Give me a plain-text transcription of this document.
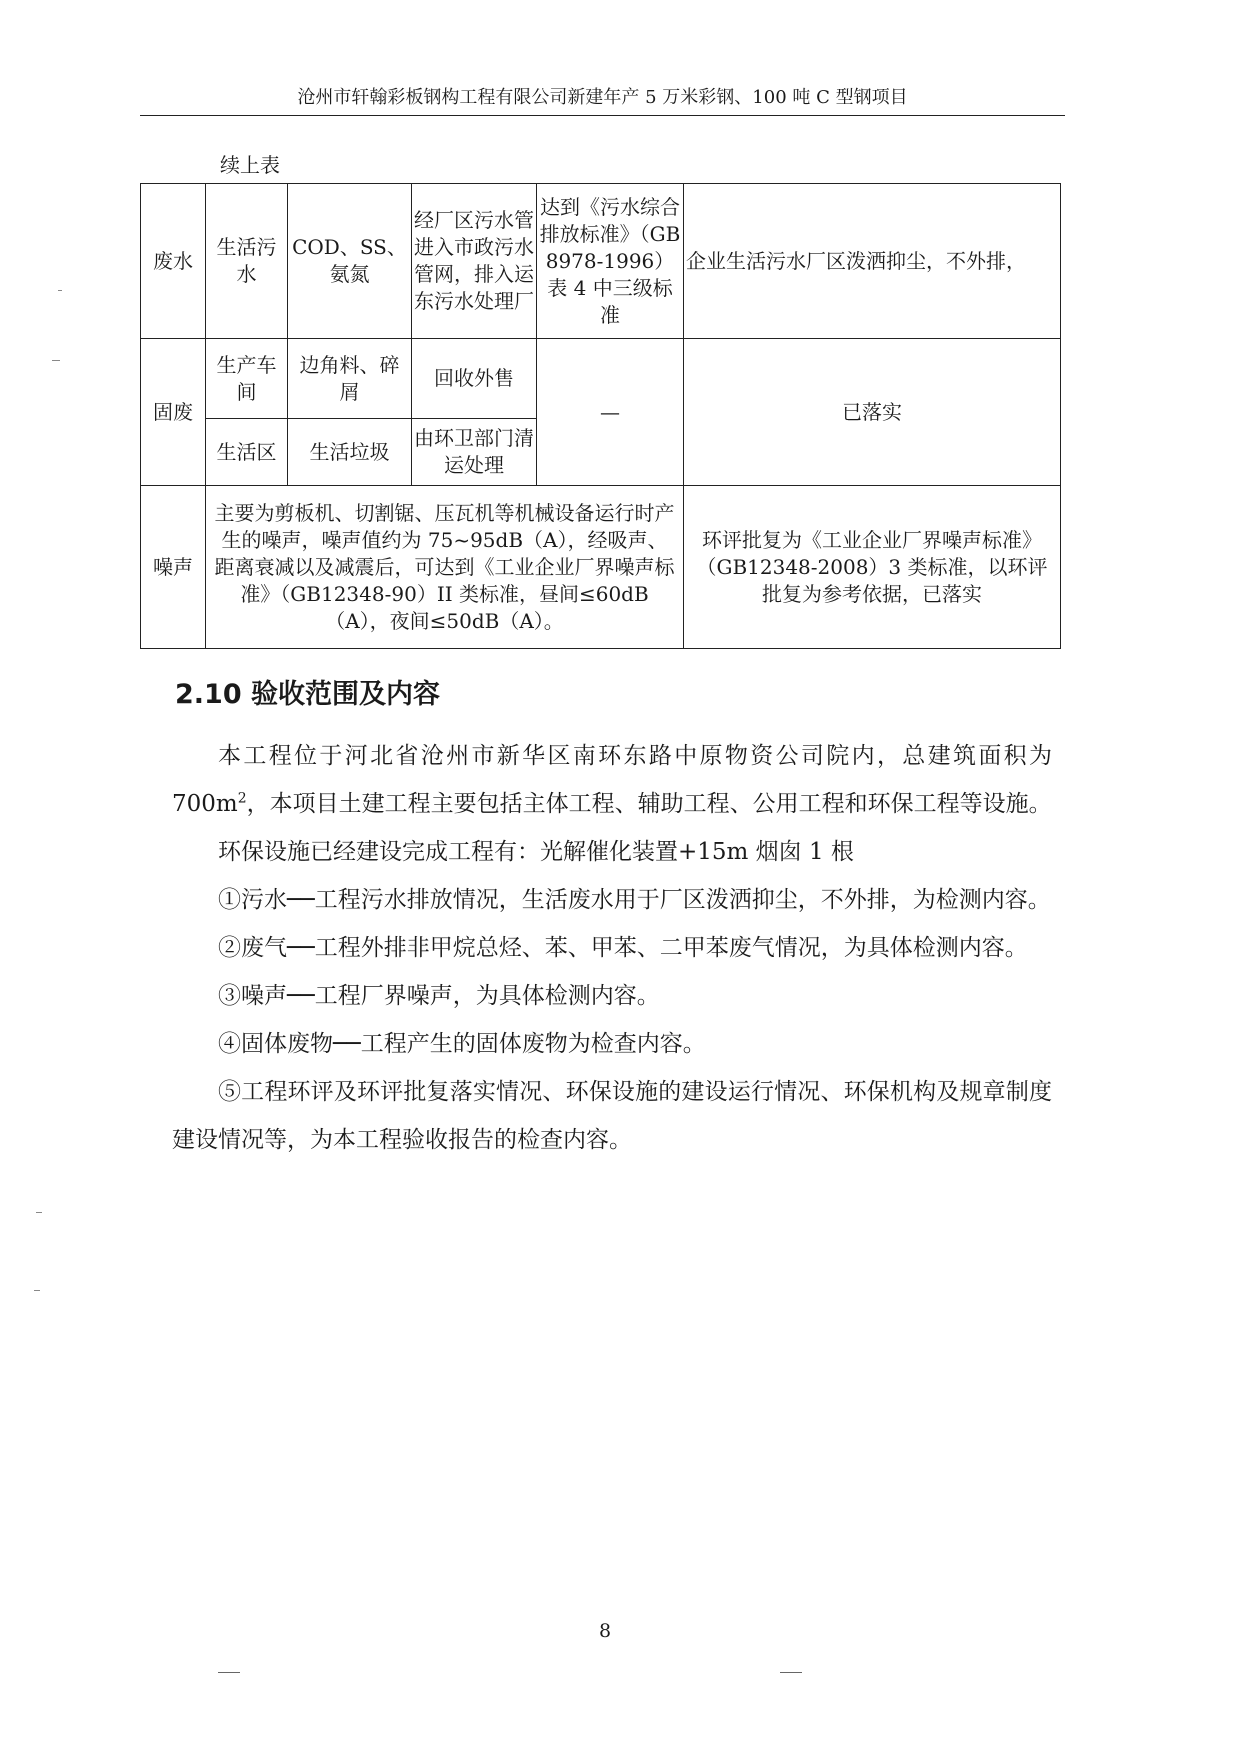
沧州市轩翰彩板钢构工程有限公司新建年产 5 万米彩钢、100 吨 C 型钢项目
续上表
废水	生活污水	COD、SS、氨氮	经厂区污水管进入市政污水管网，排入运东污水处理厂	达到《污水综合排放标准》（GB8978-1996）表 4 中三级标准	企业生活污水厂区泼洒抑尘，不外排，
固废	生产车间	边角料、碎屑	回收外售	—	已落实
	生活区	生活垃圾	由环卫部门清运处理		
噪声	主要为剪板机、切割锯、压瓦机等机械设备运行时产生的噪声，噪声值约为 75~95dB（A），经吸声、距离衰减以及减震后，可达到《工业企业厂界噪声标准》（GB12348-90）II 类标准，昼间≤60dB（A），夜间≤50dB（A）。				环评批复为《工业企业厂界噪声标准》（GB12348-2008）3 类标准，以环评批复为参考依据，已落实
2.10 验收范围及内容

本工程位于河北省沧州市新华区南环东路中原物资公司院内，总建筑面积为 $700m^2$，本项目土建工程主要包括主体工程、辅助工程、公用工程和环保工程等设施。

环保设施已经建设完成工程有：光解催化装置+15m 烟囱 1 根

①污水──工程污水排放情况，生活废水用于厂区泼洒抑尘，不外排，为检测内容。

②废气──工程外排非甲烷总烃、苯、甲苯、二甲苯废气情况，为具体检测内容。

③噪声──工程厂界噪声，为具体检测内容。

④固体废物──工程产生的固体废物为检查内容。

⑤工程环评及环评批复落实情况、环保设施的建设运行情况、环保机构及规章制度建设情况等，为本工程验收报告的检查内容。

8
